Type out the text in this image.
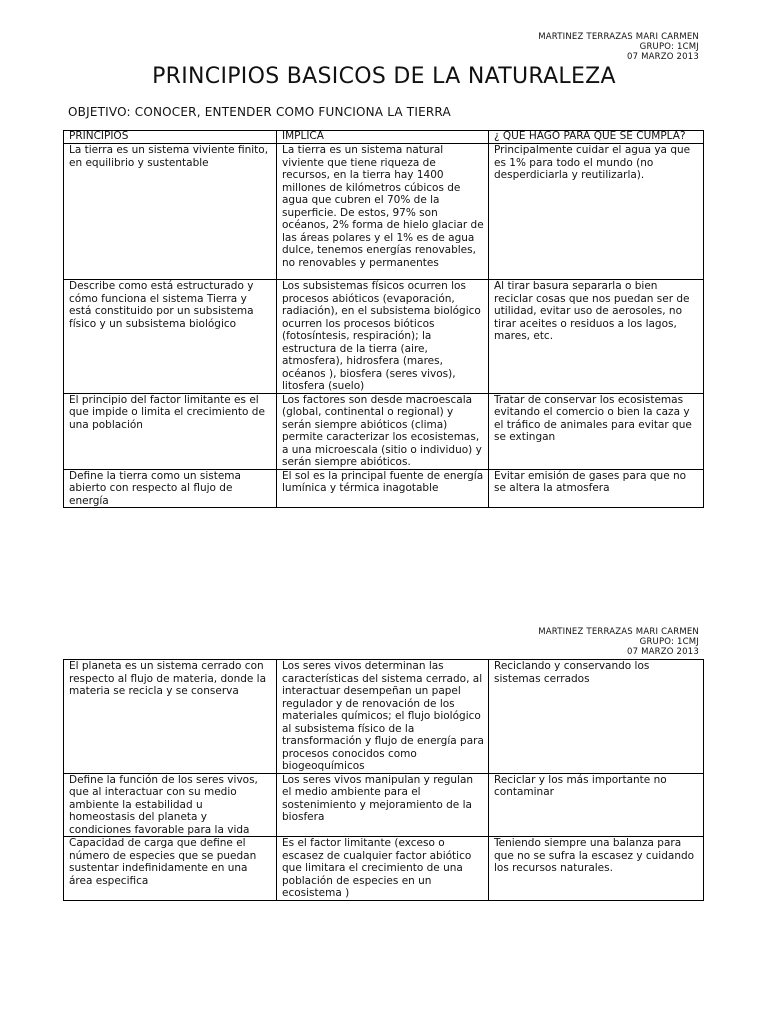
MARTINEZ TERRAZAS MARI CARMEN
GRUPO: 1CMJ
07 MARZO 2013
PRINCIPIOS BASICOS DE LA NATURALEZA
OBJETIVO: CONOCER, ENTENDER COMO FUNCIONA LA TIERRA
PRINCIPIOS	IMPLICA	¿ QUE HAGO PARA QUE SE CUMPLA?
La tierra es un sistema viviente finito, en equilibrio y sustentable	La tierra es un sistema natural viviente que tiene riqueza de recursos, en la tierra hay 1400 millones de kilómetros cúbicos de agua que cubren el 70% de la superficie. De estos, 97% son océanos, 2% forma de hielo glaciar de las áreas polares y el 1% es de agua dulce, tenemos energías renovables, no renovables y permanentes	Principalmente cuidar el agua ya que es 1% para todo el mundo (no desperdiciarla y reutilizarla).
Describe como está estructurado y cómo funciona el sistema Tierra y está constituido por un subsistema físico y un subsistema biológico	Los subsistemas físicos ocurren los procesos abióticos (evaporación, radiación), en el subsistema biológico ocurren los procesos bióticos (fotosíntesis, respiración); la estructura de la tierra (aire, atmosfera), hidrosfera (mares, océanos ), biosfera (seres vivos), litosfera (suelo)	Al tirar basura separarla o bien reciclar cosas que nos puedan ser de utilidad, evitar uso de aerosoles, no tirar aceites o residuos a los lagos, mares, etc.
El principio del factor limitante es el que impide o limita el crecimiento de una población	Los factores son desde macroescala (global, continental o regional) y serán siempre abióticos (clima) permite caracterizar los ecosistemas, a una microescala (sitio o individuo) y serán siempre abióticos.	Tratar de conservar los ecosistemas evitando el comercio o bien la caza y el tráfico de animales para evitar que se extingan
Define la tierra como un sistema abierto con respecto al flujo de energía	El sol es la principal fuente de energía lumínica y térmica inagotable	Evitar emisión de gases para que no se altera la atmosfera
MARTINEZ TERRAZAS MARI CARMEN
GRUPO: 1CMJ
07 MARZO 2013
El planeta es un sistema cerrado con respecto al flujo de materia, donde la materia se recicla y se conserva	Los seres vivos determinan las características del sistema cerrado, al interactuar desempeñan un papel regulador y de renovación de los materiales químicos; el flujo biológico al subsistema físico de la transformación y flujo de energía para procesos conocidos como biogeoquímicos	Reciclando y conservando los sistemas cerrados
Define la función de los seres vivos, que al interactuar con su medio ambiente la estabilidad u homeostasis del planeta y condiciones favorable para la vida	Los seres vivos manipulan y regulan el medio ambiente para el sostenimiento y mejoramiento de la biosfera	Reciclar y los más importante no contaminar
Capacidad de carga que define el número de especies que se puedan sustentar indefinidamente en una área especifica	Es el factor limitante (exceso o escasez de cualquier factor abiótico que limitara el crecimiento de una población de especies en un ecosistema )	Teniendo siempre una balanza para que no se sufra la escasez y cuidando los recursos naturales.
